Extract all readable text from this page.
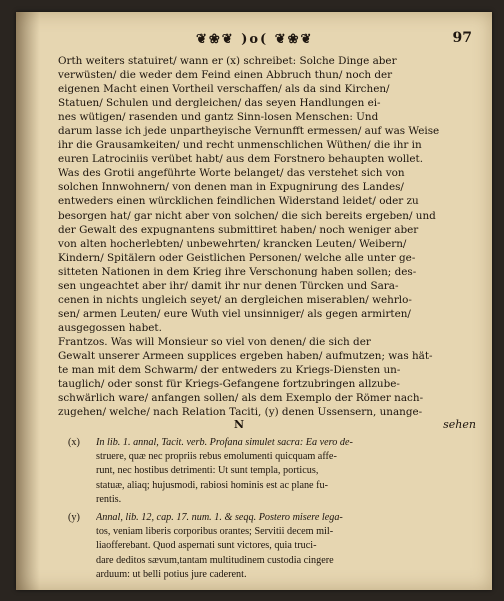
❦❀❦ )o( ❦❀❦	97
Orth weiters statuiret/ wann er (x) schreibet: Solche Dinge aber
verwüsten/ die weder dem Feind einen Abbruch thun/ noch der
eigenen Macht einen Vortheil verschaffen/ als da sind Kirchen/
Statuen/ Schulen und dergleichen/ das seyen Handlungen ei-
nes wütigen/ rasenden und gantz Sinn-losen Menschen: Und
darum lasse ich jede unpartheyische Vernunfft ermessen/ auf was Weise
ihr die Grausamkeiten/ und recht unmenschlichen Wüthen/ die ihr in
euren Latrociniis verübet habt/ aus dem Forstnero behaupten wollet.
Was des Grotii angeführte Worte belanget/ das verstehet sich von
solchen Innwohnern/ von denen man in Expugnirung des Landes/
entweders einen würcklichen feindlichen Widerstand leidet/ oder zu
besorgen hat/ gar nicht aber von solchen/ die sich bereits ergeben/ und
der Gewalt des expugnantens submittiret haben/ noch weniger aber
von alten hocherlebten/ unbewehrten/ krancken Leuten/ Weibern/
Kindern/ Spitälern oder Geistlichen Personen/ welche alle unter ge-
sitteten Nationen in dem Krieg ihre Verschonung haben sollen; des-
sen ungeachtet aber ihr/ damit ihr nur denen Türcken und Sara-
cenen in nichts ungleich seyet/ an dergleichen miserablen/ wehrlo-
sen/ armen Leuten/ eure Wuth viel unsinniger/ als gegen armirten/
ausgegossen habet.
Frantzos. Was will Monsieur so viel von denen/ die sich der
Gewalt unserer Armeen supplices ergeben haben/ aufmutzen; was hät-
te man mit dem Schwarm/ der entweders zu Kriegs-Diensten un-
tauglich/ oder sonst für Kriegs-Gefangene fortzubringen allzube-
schwärlich ware/ anfangen sollen/ als dem Exemplo der Römer nach-
zugehen/ welche/ nach Relation Taciti, (y) denen Ussensern, unange-
N	sehen
(x) In lib. 1. annal, Tacit. verb. Profana simulet sacra: Ea vero de-
struere, quæ nec propriis rebus emolumenti quicquam affe-
runt, nec hostibus detrimenti: Ut sunt templa, porticus,
statuæ, aliaq; hujusmodi, rabiosi hominis est ac plane fu-
rentis.
(y) Annal, lib. 12, cap. 17. num. 1. & seqq. Postero misere lega-
tos, veniam liberis corporibus orantes; Servitii decem mil-
liaofferebant. Quod aspernati sunt victores, quia truci-
dare deditos sævum,tantam multitudinem custodia cingere
arduum: ut belli potius jure caderent.
